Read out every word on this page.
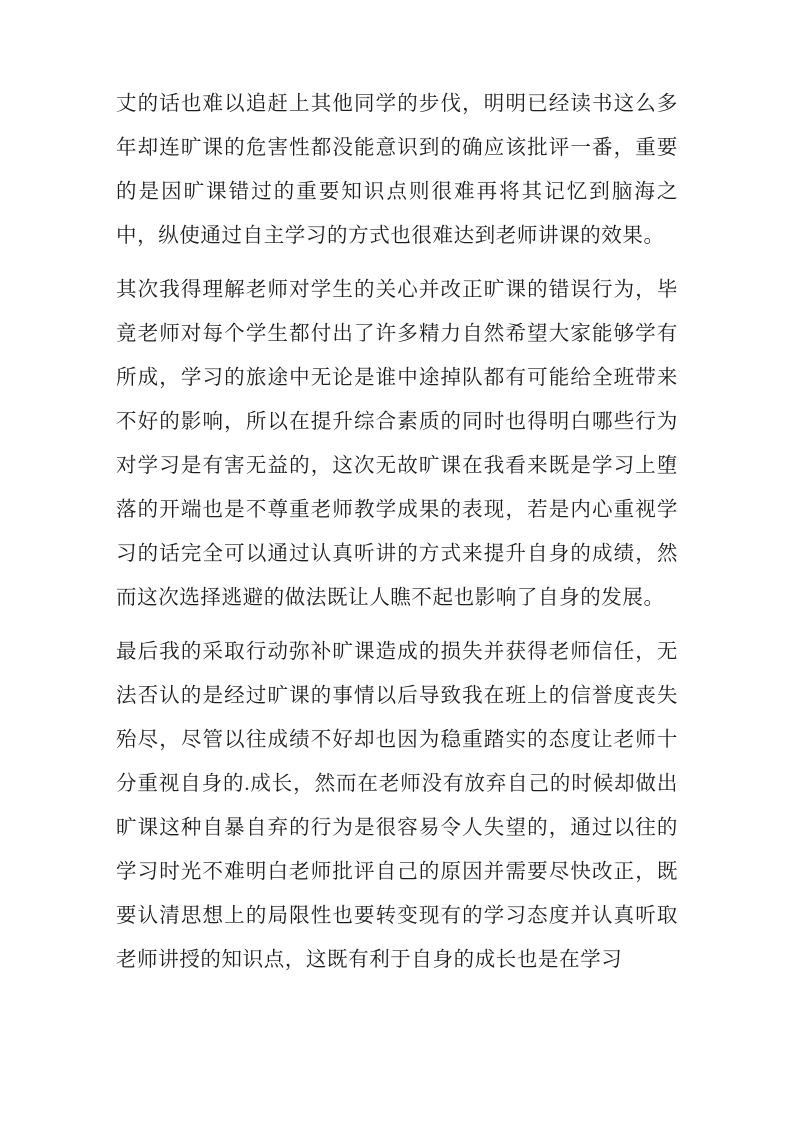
丈的话也难以追赶上其他同学的步伐，明明已经读书这么多年却连旷课的危害性都没能意识到的确应该批评一番，重要的是因旷课错过的重要知识点则很难再将其记忆到脑海之中，纵使通过自主学习的方式也很难达到老师讲课的效果。

其次我得理解老师对学生的关心并改正旷课的错误行为，毕竟老师对每个学生都付出了许多精力自然希望大家能够学有所成，学习的旅途中无论是谁中途掉队都有可能给全班带来不好的影响，所以在提升综合素质的同时也得明白哪些行为对学习是有害无益的，这次无故旷课在我看来既是学习上堕落的开端也是不尊重老师教学成果的表现，若是内心重视学习的话完全可以通过认真听讲的方式来提升自身的成绩，然而这次选择逃避的做法既让人瞧不起也影响了自身的发展。

最后我的采取行动弥补旷课造成的损失并获得老师信任，无法否认的是经过旷课的事情以后导致我在班上的信誉度丧失殆尽，尽管以往成绩不好却也因为稳重踏实的态度让老师十分重视自身的.成长，然而在老师没有放弃自己的时候却做出旷课这种自暴自弃的行为是很容易令人失望的，通过以往的学习时光不难明白老师批评自己的原因并需要尽快改正，既要认清思想上的局限性也要转变现有的学习态度并认真听取老师讲授的知识点，这既有利于自身的成长也是在学习
